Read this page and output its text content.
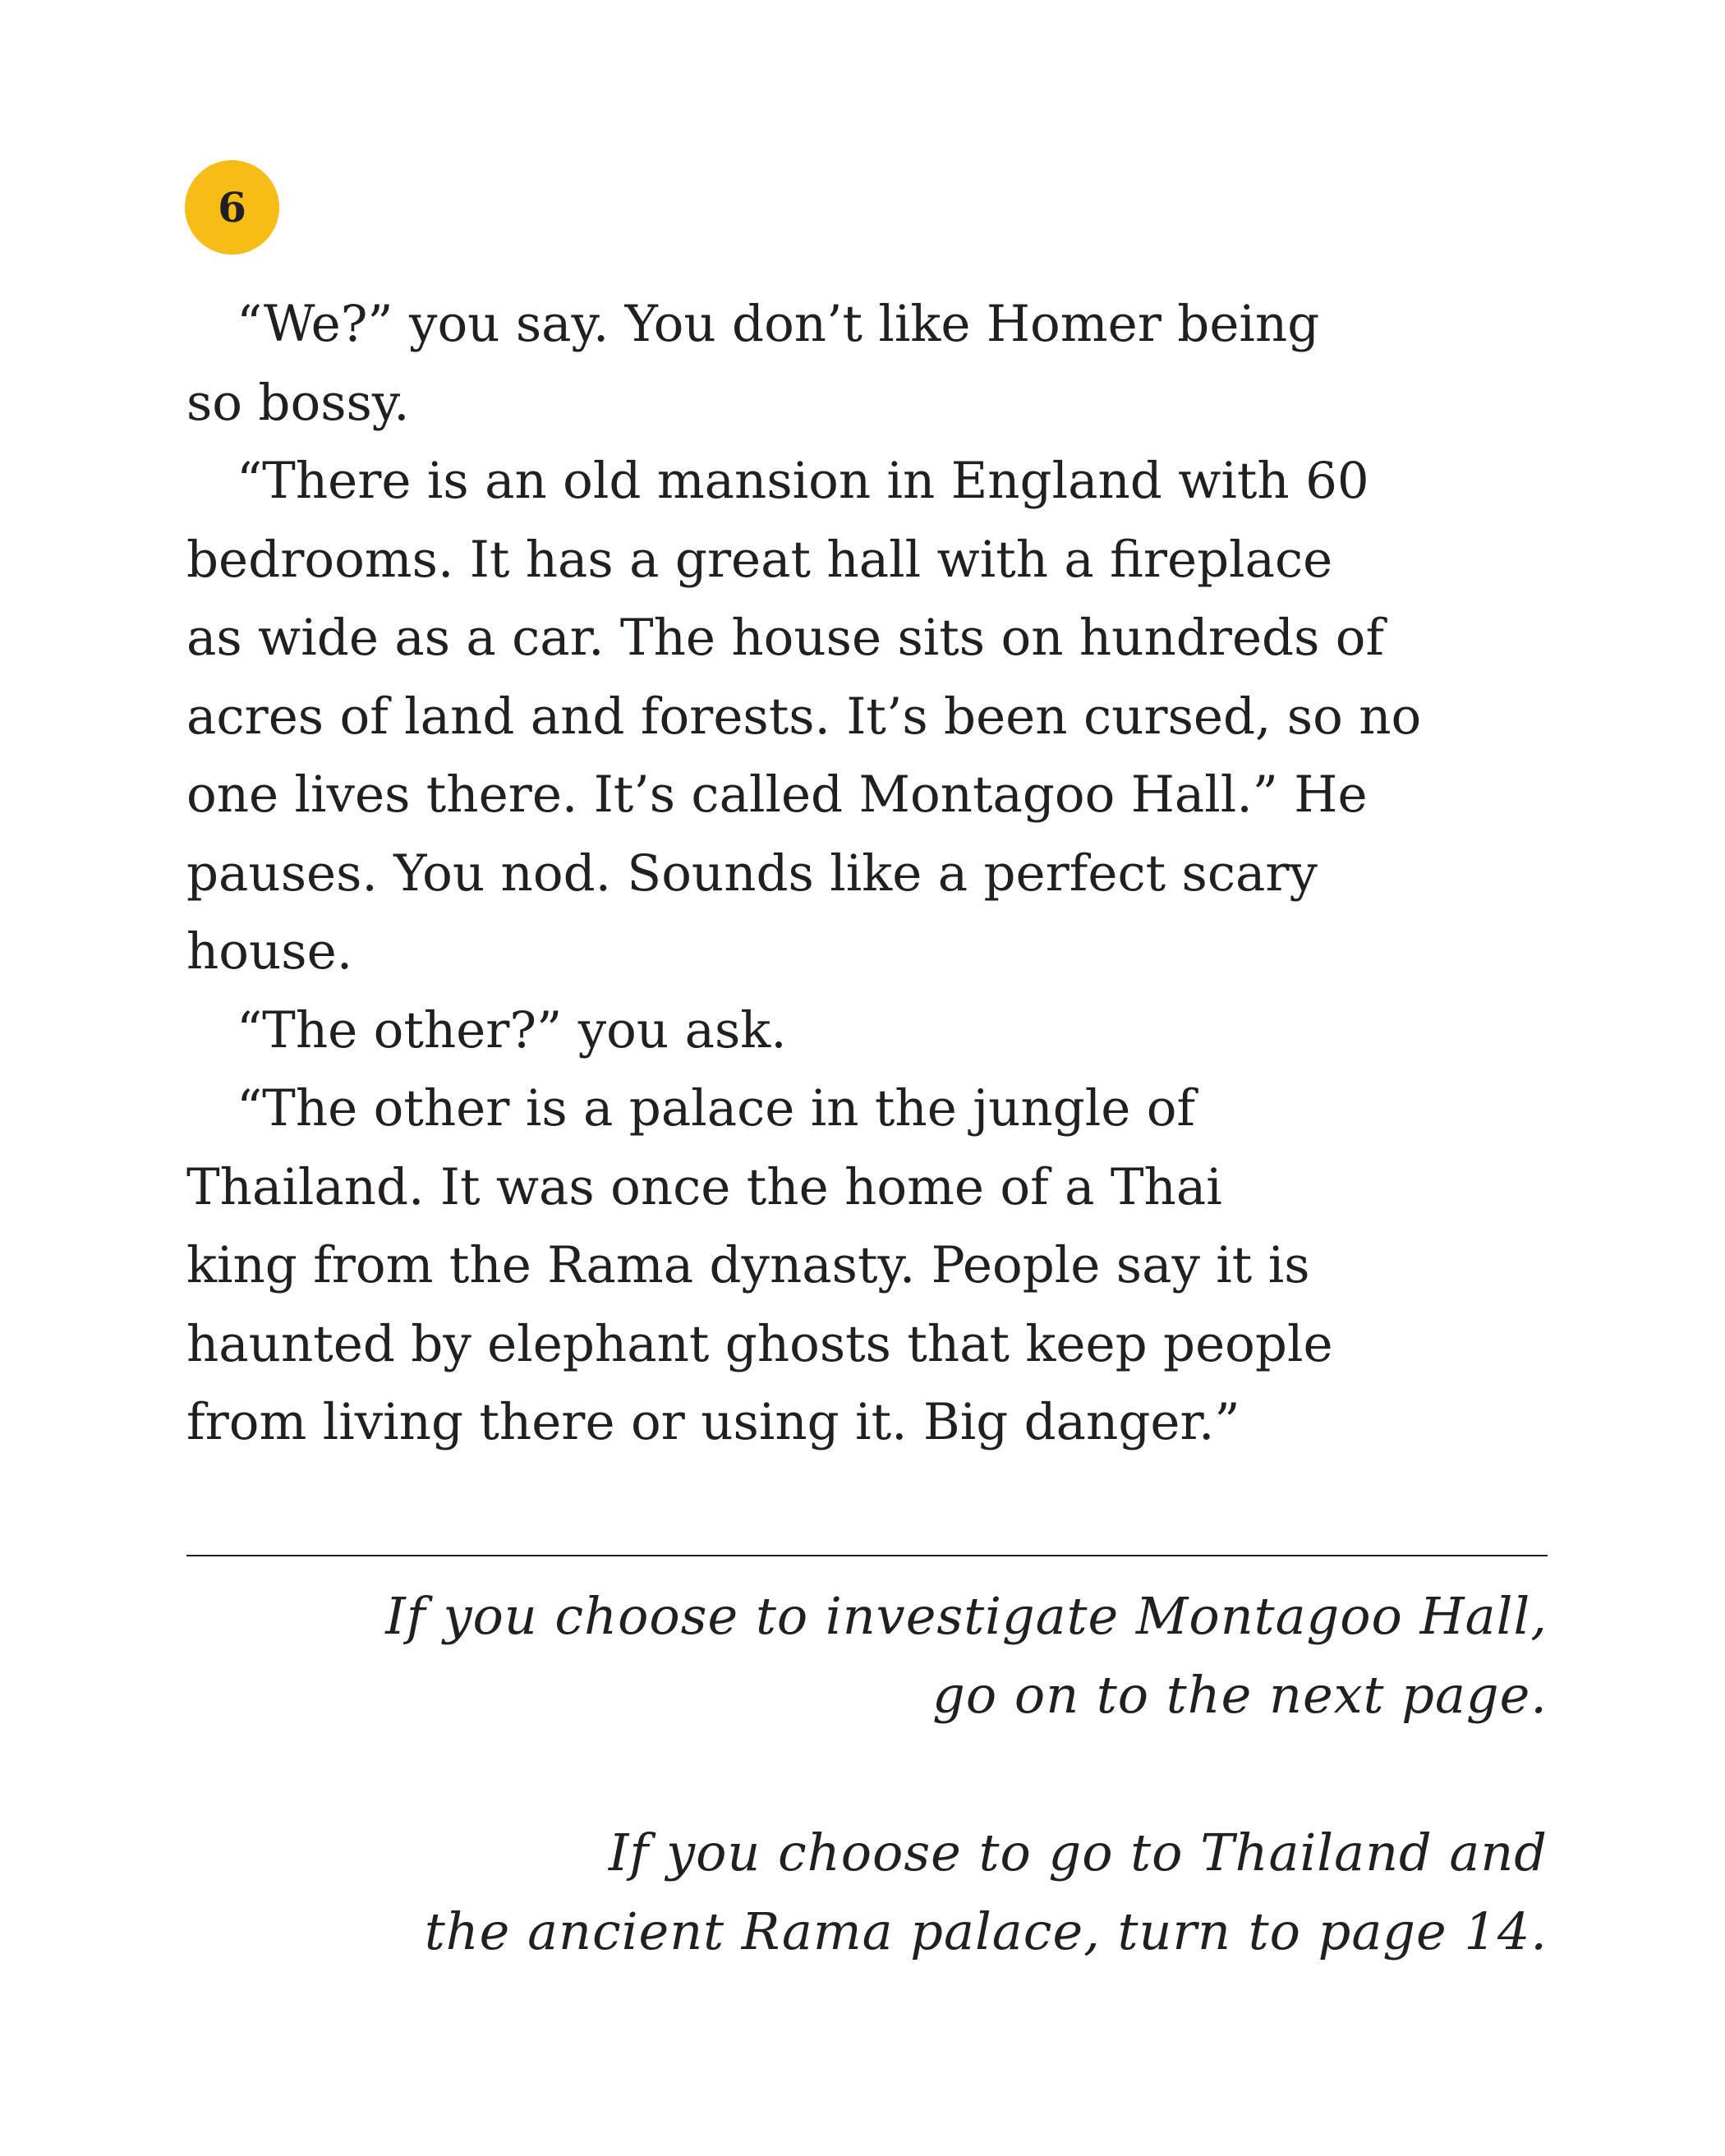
6
“We?” you say. You don’t like Homer being
so bossy.
“There is an old mansion in England with 60
bedrooms. It has a great hall with a fireplace
as wide as a car. The house sits on hundreds of
acres of land and forests. It’s been cursed, so no
one lives there. It’s called Montagoo Hall.” He
pauses. You nod. Sounds like a perfect scary
house.
“The other?” you ask.
“The other is a palace in the jungle of
Thailand. It was once the home of a Thai
king from the Rama dynasty. People say it is
haunted by elephant ghosts that keep people
from living there or using it. Big danger.”
If you choose to investigate Montagoo Hall,
go on to the next page.
If you choose to go to Thailand and
the ancient Rama palace, turn to page 14.
